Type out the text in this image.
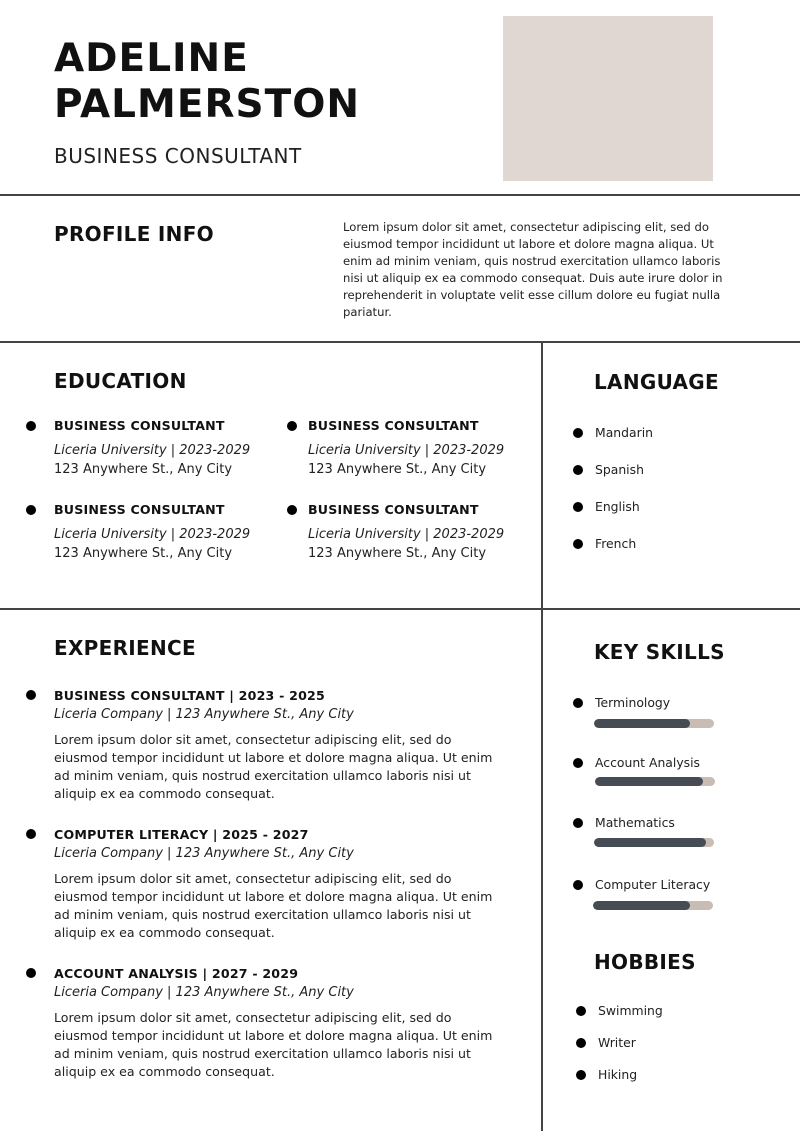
ADELINE
PALMERSTON
BUSINESS CONSULTANT
PROFILE INFO	Lorem ipsum dolor sit amet, consectetur adipiscing elit, sed do eiusmod tempor incididunt ut labore et dolore magna aliqua. Ut enim ad minim veniam, quis nostrud exercitation ullamco laboris nisi ut aliquip ex ea commodo consequat. Duis aute irure dolor in reprehenderit in voluptate velit esse cillum dolore eu fugiat nulla pariatur.
EDUCATION
BUSINESS CONSULTANT
Liceria University | 2023-2029
123 Anywhere St., Any City
BUSINESS CONSULTANT
Liceria University | 2023-2029
123 Anywhere St., Any City
BUSINESS CONSULTANT
Liceria University | 2023-2029
123 Anywhere St., Any City
BUSINESS CONSULTANT
Liceria University | 2023-2029
123 Anywhere St., Any City
LANGUAGE
Mandarin
Spanish
English
French
EXPERIENCE
BUSINESS CONSULTANT | 2023 - 2025
Liceria Company | 123 Anywhere St., Any City
Lorem ipsum dolor sit amet, consectetur adipiscing elit, sed do eiusmod tempor incididunt ut labore et dolore magna aliqua. Ut enim ad minim veniam, quis nostrud exercitation ullamco laboris nisi ut aliquip ex ea commodo consequat.
COMPUTER LITERACY | 2025 - 2027
Liceria Company | 123 Anywhere St., Any City
Lorem ipsum dolor sit amet, consectetur adipiscing elit, sed do eiusmod tempor incididunt ut labore et dolore magna aliqua. Ut enim ad minim veniam, quis nostrud exercitation ullamco laboris nisi ut aliquip ex ea commodo consequat.
ACCOUNT ANALYSIS | 2027 - 2029
Liceria Company | 123 Anywhere St., Any City
Lorem ipsum dolor sit amet, consectetur adipiscing elit, sed do eiusmod tempor incididunt ut labore et dolore magna aliqua. Ut enim ad minim veniam, quis nostrud exercitation ullamco laboris nisi ut aliquip ex ea commodo consequat.
KEY SKILLS
Terminology
Account Analysis
Mathematics
Computer Literacy
HOBBIES
Swimming
Writer
Hiking
